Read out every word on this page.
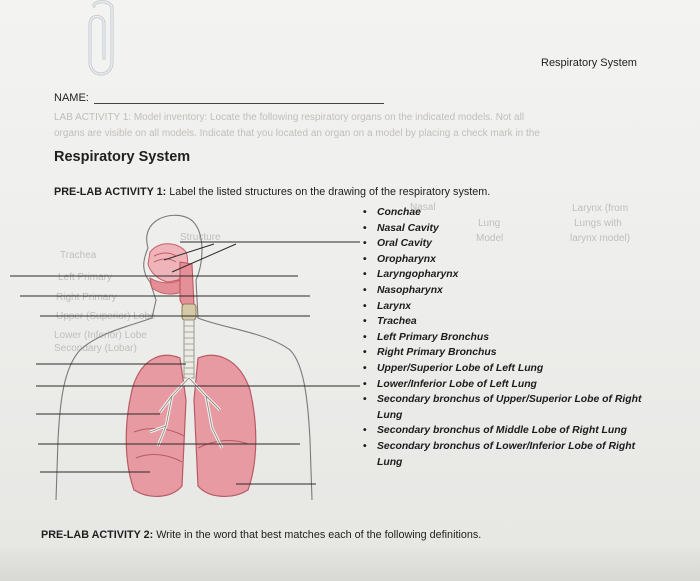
Respiratory System
NAME:
LAB ACTIVITY 1: Model inventory: Locate the following respiratory organs on the indicated models. Not all
organs are visible on all models. Indicate that you located an organ on a model by placing a check mark in the
Trachea
Left Primary
Right Primary
Upper (Superior) Lobe
Lower (Inferior) Lobe
Secondary (Lobar)
Larynx (from
Lungs with
larynx model)
Lung
Model
Structure
Nasal
Respiratory System
PRE-LAB ACTIVITY 1: Label the listed structures on the drawing of the respiratory system.
• Conchae
• Nasal Cavity
• Oral Cavity
• Oropharynx
• Laryngopharynx
• Nasopharynx
• Larynx
• Trachea
• Left Primary Bronchus
• Right Primary Bronchus
• Upper/Superior Lobe of Left Lung
• Lower/Inferior Lobe of Left Lung
• Secondary bronchus of Upper/Superior Lobe of Right Lung
• Secondary bronchus of Middle Lobe of Right Lung
• Secondary bronchus of Lower/Inferior Lobe of Right Lung
PRE-LAB ACTIVITY 2: Write in the word that best matches each of the following definitions.
